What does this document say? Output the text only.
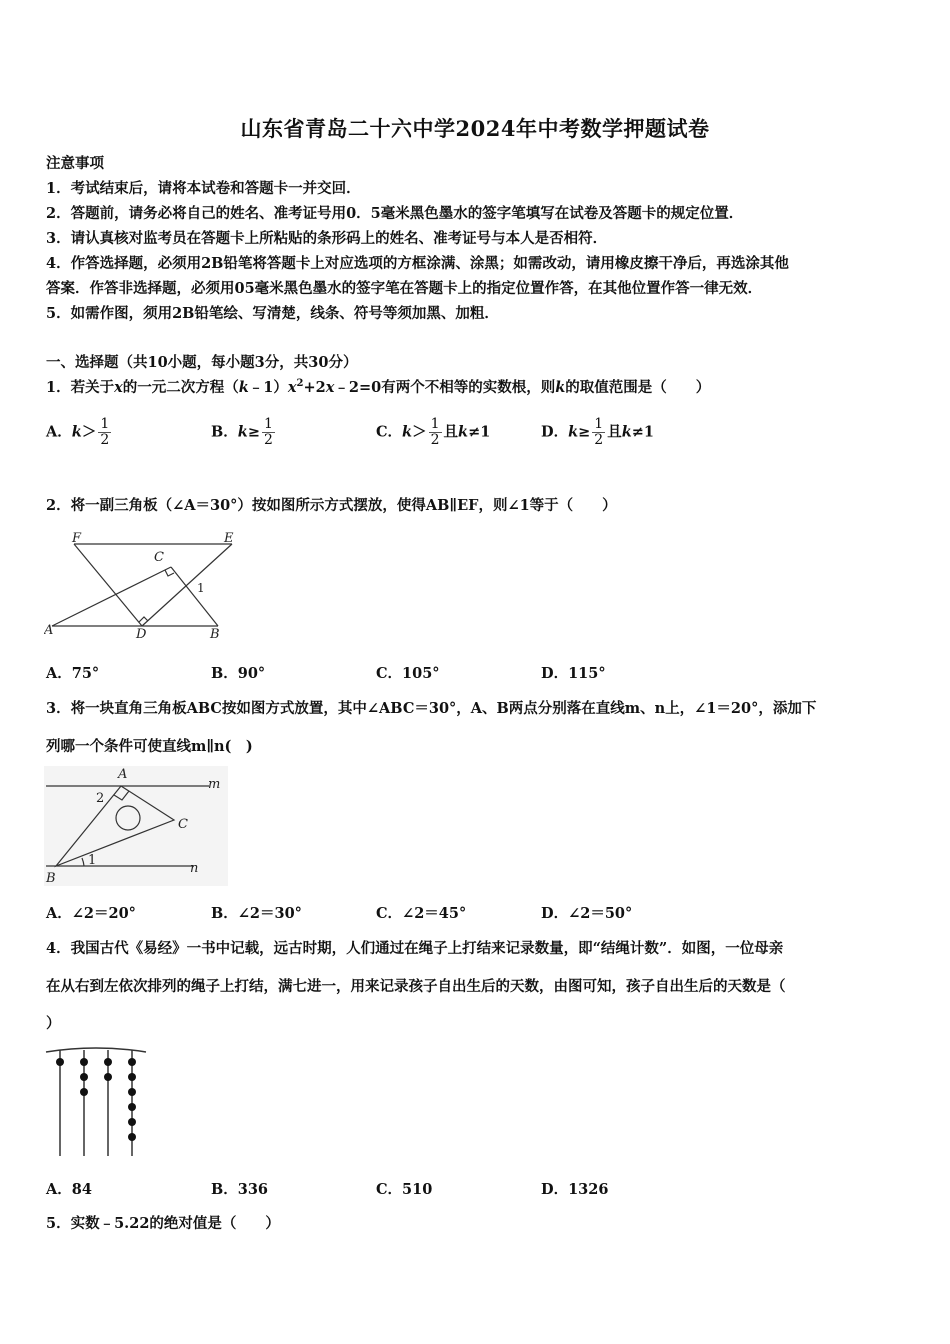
山东省青岛二十六中学2024年中考数学押题试卷
注意事项
1．考试结束后，请将本试卷和答题卡一并交回．
2．答题前，请务必将自己的姓名、准考证号用0．5毫米黑色墨水的签字笔填写在试卷及答题卡的规定位置．
3．请认真核对监考员在答题卡上所粘贴的条形码上的姓名、准考证号与本人是否相符．
4．作答选择题，必须用2B铅笔将答题卡上对应选项的方框涂满、涂黑；如需改动，请用橡皮擦干净后，再选涂其他
答案．作答非选择题，必须用05毫米黑色墨水的签字笔在答题卡上的指定位置作答，在其他位置作答一律无效．
5．如需作图，须用2B铅笔绘、写清楚，线条、符号等须加黑、加粗．
一、选择题（共10小题，每小题3分，共30分）
1．若关于x的一元二次方程$(k﹣1)x^2+2x﹣2=0$有两个不相等的实数根，则k的取值范围是（　　）
A．$k> \frac{1}{2}$	B．$k\ge \frac{1}{2}$	C．$k> \frac{1}{2}$ 且k≠1	D．$k\ge \frac{1}{2}$ 且k≠1
2．将一副三角板（∠A＝30°）按如图所示方式摆放，使得AB∥EF，则∠1等于（　　）
F	E
C
A	D	B
1
A．75°	B．90°	C．105°	D．115°
3．将一块直角三角板ABC按如图方式放置，其中∠ABC＝30°，A、B两点分别落在直线m、n上，∠1＝20°，添加下
列哪一个条件可使直线m∥n(　)
A
m
2
C
B
1
n
A．∠2＝20°	B．∠2＝30°	C．∠2＝45°	D．∠2＝50°
4．我国古代《易经》一书中记载，远古时期，人们通过在绳子上打结来记录数量，即“结绳计数”．如图，一位母亲
在从右到左依次排列的绳子上打结，满七进一，用来记录孩子自出生后的天数，由图可知，孩子自出生后的天数是（
）
A．84	B．336	C．510	D．1326
5．实数﹣5.22的绝对值是（　　）
